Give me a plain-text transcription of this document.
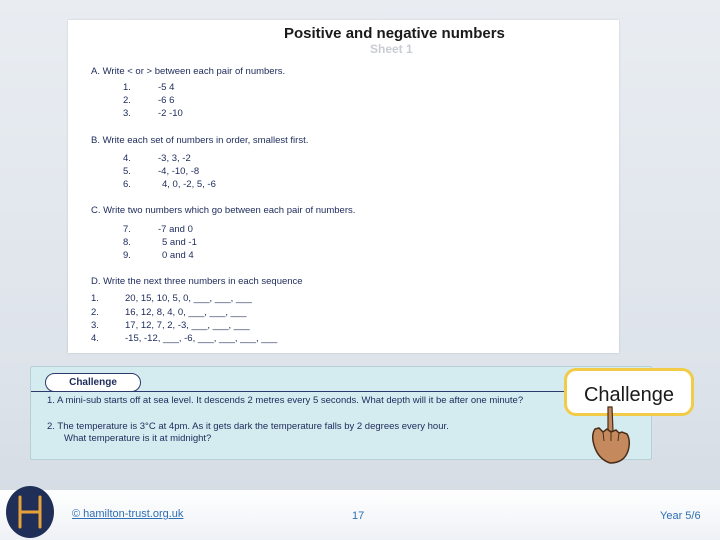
Positive and negative numbers
Sheet 1
A. Write < or > between each pair of numbers.
1.	-5 4
2.	-6 6
3.	-2 -10
B. Write each set of numbers in order, smallest first.
4.	-3, 3, -2
5.	-4, -10, -8
6.	4, 0, -2, 5, -6
C. Write two numbers which go between each pair of numbers.
7.	-7 and 0
8.	5 and -1
9.	0 and 4
D. Write the next three numbers in each sequence
1.	20, 15, 10, 5, 0, ___, ___, ___
2.	16, 12, 8, 4, 0, ___, ___, ___
3.	17, 12, 7, 2, -3, ___, ___, ___
4.	-15, -12, ___, -6, ___, ___, ___, ___
Challenge
1. A mini-sub starts off at sea level. It descends 2 metres every 5 seconds. What depth will it be after one minute?
2. The temperature is 3°C at 4pm. As it gets dark the temperature falls by 2 degrees every hour.
What temperature is it at midnight?
Challenge
© hamilton-trust.org.uk	17	Year 5/6
